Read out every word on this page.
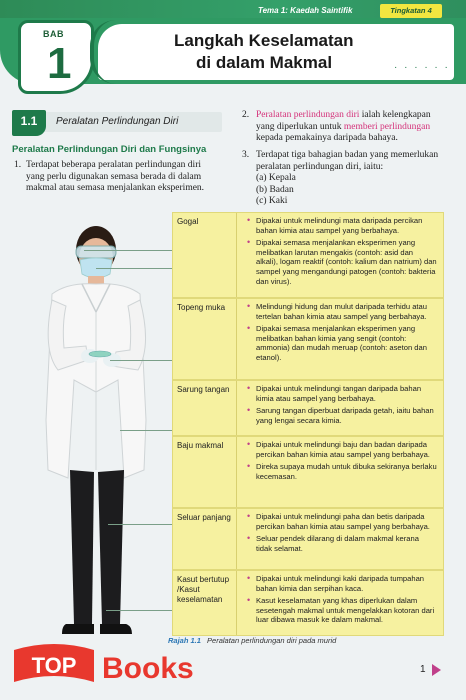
Tema 1: Kaedah Saintifik	Tingkatan 4
BAB
1	Langkah Keselamatan
di dalam Makmal	· · · · · ·
1.1	Peralatan Perlindungan Diri
Peralatan Perlindungan Diri dan Fungsinya
1. Terdapat beberapa peralatan perlindungan diri
yang perlu digunakan semasa berada di dalam
makmal atau semasa menjalankan eksperimen.
2. Peralatan perlindungan diri ialah kelengkapan
yang diperlukan untuk memberi perlindungan
kepada pemakainya daripada bahaya.
3. Terdapat tiga bahagian badan yang memerlukan
peralatan perlindungan diri, iaitu:
(a) Kepala
(b) Badan
(c) Kaki
Gogal	• Dipakai untuk melindungi mata daripada percikan bahan kimia atau sampel yang berbahaya.
• Dipakai semasa menjalankan eksperimen yang melibatkan larutan mengakis (contoh: asid dan alkali), logam reaktif (contoh: kalium dan natrium) dan sampel yang mengandungi patogen (contoh: bakteria dan virus).
Topeng muka	• Melindungi hidung dan mulut daripada terhidu atau tertelan bahan kimia atau sampel yang berbahaya.
• Dipakai semasa menjalankan eksperimen yang melibatkan bahan kimia yang sengit (contoh: ammonia) dan mudah meruap (contoh: aseton dan etanol).
Sarung tangan	• Dipakai untuk melindungi tangan daripada bahan kimia atau sampel yang berbahaya.
• Sarung tangan diperbuat daripada getah, iaitu bahan yang lengai secara kimia.
Baju makmal	• Dipakai untuk melindungi baju dan badan daripada percikan bahan kimia atau sampel yang berbahaya.
• Direka supaya mudah untuk dibuka sekiranya berlaku kecemasan.
Seluar panjang	• Dipakai untuk melindungi paha dan betis daripada percikan bahan kimia atau sampel yang berbahaya.
• Seluar pendek dilarang di dalam makmal kerana tidak selamat.
Kasut bertutup /Kasut keselamatan
• Dipakai untuk melindungi kaki daripada tumpahan bahan kimia dan serpihan kaca.
• Kasut keselamatan yang khas diperlukan dalam sesetengah makmal untuk mengelakkan kotoran dari luar dibawa masuk ke dalam makmal.
Rajah 1.1 Peralatan perlindungan diri pada murid
1
TOP Books
